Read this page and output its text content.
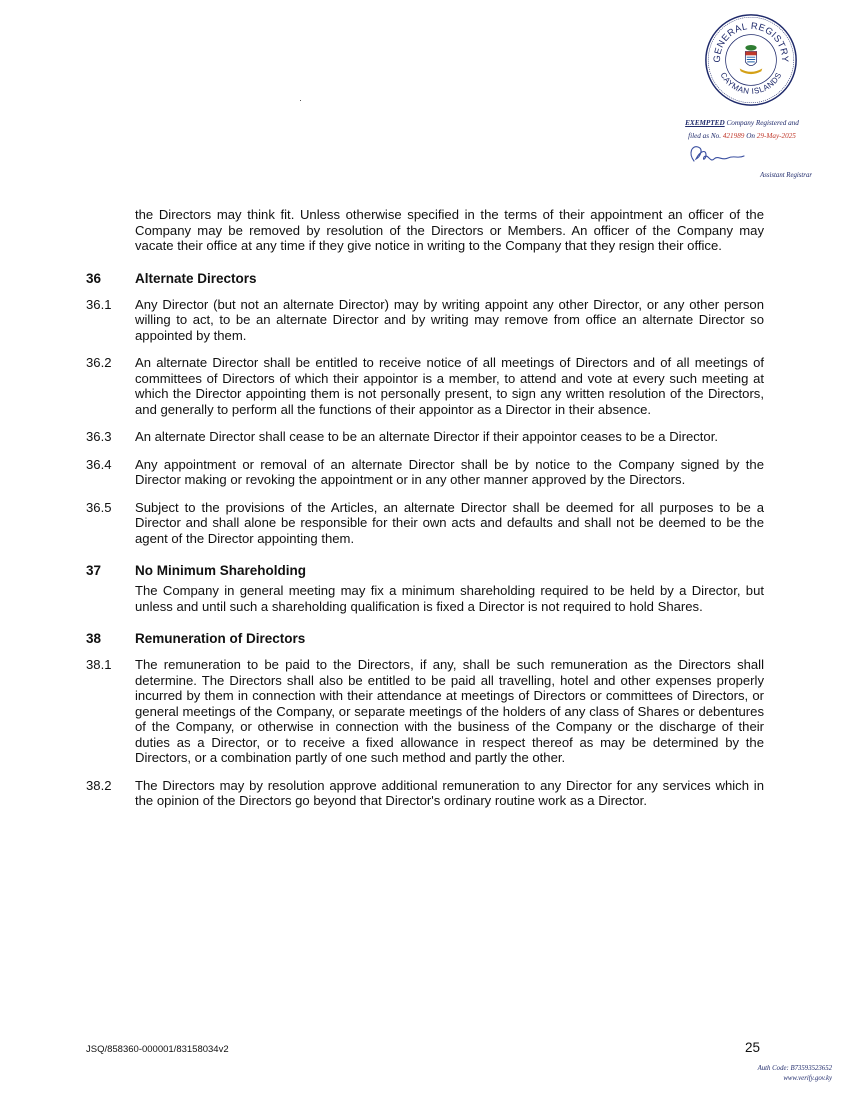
GENERAL REGISTRY
CAYMAN ISLANDS
EXEMPTED Company Registered and
filed as No. 421989 On 29-May-2025
Assistant Registrar

the Directors may think fit. Unless otherwise specified in the terms of their appointment an officer of the Company may be removed by resolution of the Directors or Members. An officer of the Company may vacate their office at any time if they give notice in writing to the Company that they resign their office.

36	Alternate Directors
36.1	Any Director (but not an alternate Director) may by writing appoint any other Director, or any other person willing to act, to be an alternate Director and by writing may remove from office an alternate Director so appointed by them.
36.2	An alternate Director shall be entitled to receive notice of all meetings of Directors and of all meetings of committees of Directors of which their appointor is a member, to attend and vote at every such meeting at which the Director appointing them is not personally present, to sign any written resolution of the Directors, and generally to perform all the functions of their appointor as a Director in their absence.
36.3	An alternate Director shall cease to be an alternate Director if their appointor ceases to be a Director.
36.4	Any appointment or removal of an alternate Director shall be by notice to the Company signed by the Director making or revoking the appointment or in any other manner approved by the Directors.
36.5	Subject to the provisions of the Articles, an alternate Director shall be deemed for all purposes to be a Director and shall alone be responsible for their own acts and defaults and shall not be deemed to be the agent of the Director appointing them.
37	No Minimum Shareholding

The Company in general meeting may fix a minimum shareholding required to be held by a Director, but unless and until such a shareholding qualification is fixed a Director is not required to hold Shares.

38	Remuneration of Directors
38.1	The remuneration to be paid to the Directors, if any, shall be such remuneration as the Directors shall determine. The Directors shall also be entitled to be paid all travelling, hotel and other expenses properly incurred by them in connection with their attendance at meetings of Directors or committees of Directors, or general meetings of the Company, or separate meetings of the holders of any class of Shares or debentures of the Company, or otherwise in connection with the business of the Company or the discharge of their duties as a Director, or to receive a fixed allowance in respect thereof as may be determined by the Directors, or a combination partly of one such method and partly the other.
38.2	The Directors may by resolution approve additional remuneration to any Director for any services which in the opinion of the Directors go beyond that Director's ordinary routine work as a Director.
JSQ/858360-000001/83158034v2	25
Auth Code: B73593523652
www.verify.gov.ky
